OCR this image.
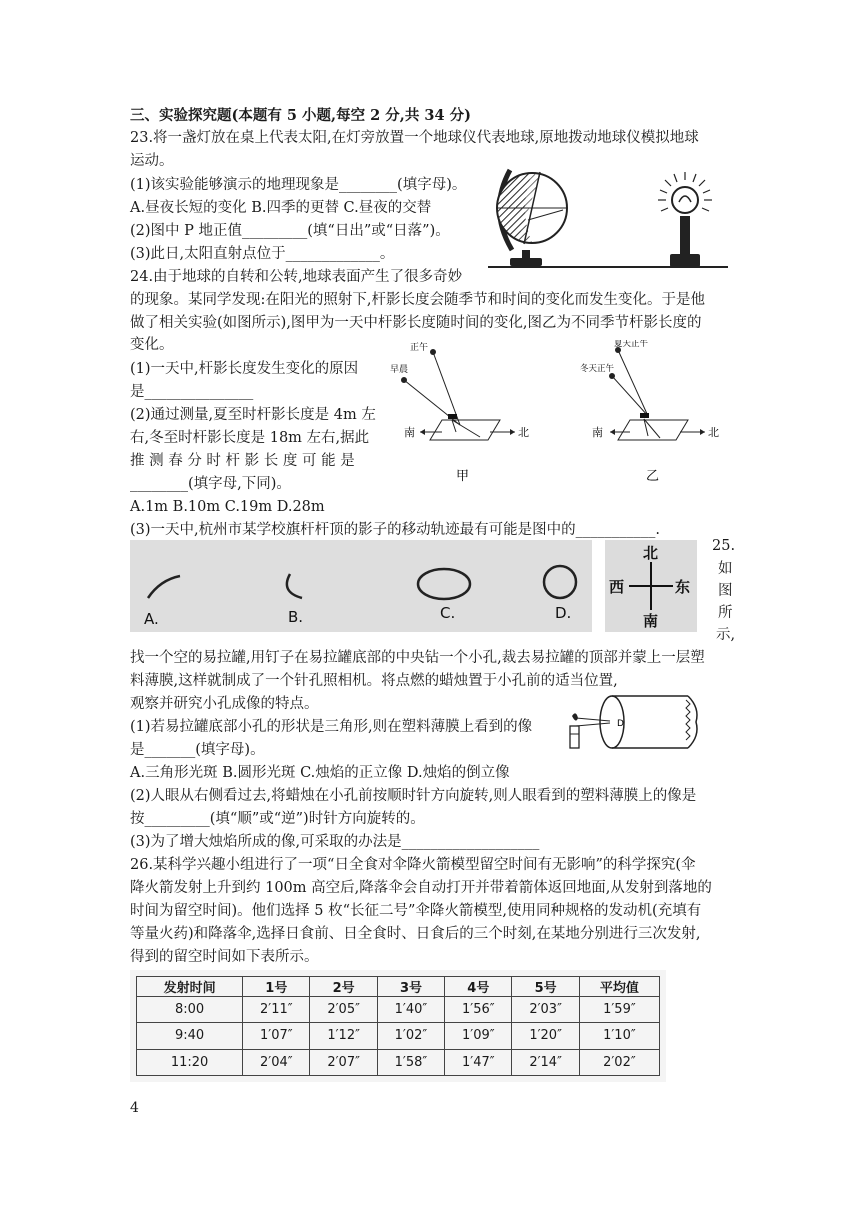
三、实验探究题(本题有 5 小题,每空 2 分,共 34 分)
23.将一盏灯放在桌上代表太阳,在灯旁放置一个地球仪代表地球,原地拨动地球仪模拟地球
运动。
(1)该实验能够演示的地理现象是________(填字母)。
A.昼夜长短的变化 B.四季的更替 C.昼夜的交替
(2)图中 P 地正值_________(填“日出”或“日落”)。
(3)此日,太阳直射点位于_____________。
24.由于地球的自转和公转,地球表面产生了很多奇妙
的现象。某同学发现:在阳光的照射下,杆影长度会随季节和时间的变化而发生变化。于是他
做了相关实验(如图所示),图甲为一天中杆影长度随时间的变化,图乙为不同季节杆影长度的
变化。
(1)一天中,杆影长度发生变化的原因
是_______________
(2)通过测量,夏至时杆影长度是 4m 左
右,冬至时杆影长度是 18m 左右,据此
推 测 春 分 时 杆 影 长 度 可 能 是
________(填字母,下同)。
A.1m B.10m C.19m D.28m
(3)一天中,杭州市某学校旗杆杆顶的影子的移动轨迹最有可能是图中的___________.
正午
早晨
南	北
甲
夏天正午
冬天正午
南	北
乙
A.	B.	C.	D.
北
南
西	东
25.
如
图
所
示,
找一个空的易拉罐,用钉子在易拉罐底部的中央钻一个小孔,裁去易拉罐的顶部并蒙上一层塑
料薄膜,这样就制成了一个针孔照相机。将点燃的蜡烛置于小孔前的适当位置,
观察并研究小孔成像的特点。
(1)若易拉罐底部小孔的形状是三角形,则在塑料薄膜上看到的像
是_______(填字母)。
A.三角形光斑 B.圆形光斑 C.烛焰的正立像 D.烛焰的倒立像
(2)人眼从右侧看过去,将蜡烛在小孔前按顺时针方向旋转,则人眼看到的塑料薄膜上的像是
按_________(填“顺”或“逆”)时针方向旋转的。
(3)为了增大烛焰所成的像,可采取的办法是___________________
D
26.某科学兴趣小组进行了一项“日全食对伞降火箭模型留空时间有无影响”的科学探究(伞
降火箭发射上升到约 100m 高空后,降落伞会自动打开并带着箭体返回地面,从发射到落地的
时间为留空时间)。他们选择 5 枚“长征二号”伞降火箭模型,使用同种规格的发动机(充填有
等量火药)和降落伞,选择日食前、日全食时、日食后的三个时刻,在某地分别进行三次发射,
得到的留空时间如下表所示。
发射时间	1号	2号	3号	4号	5号	平均值
8:00	2′11″	2′05″	1′40″	1′56″	2′03″	1′59″
9:40	1′07″	1′12″	1′02″	1′09″	1′20″	1′10″
11:20	2′04″	2′07″	1′58″	1′47″	2′14″	2′02″
4
